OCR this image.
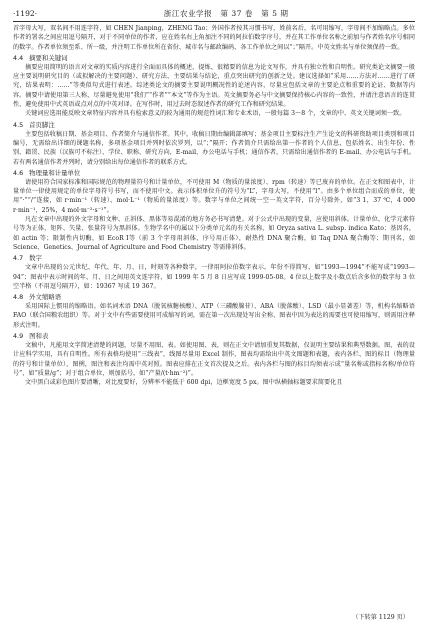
·1192·	浙江农业学报　第 37 卷　第 5 期

首字母大写，双名间不用连字符，如 CHEN Jianping，ZHENG Tao；外国作者按其习惯书写，姓前名后，名可用缩写，字母间不加缩略点。多位作者的署名之间应用逗号隔开，对于不同单位的作者，应在姓名右上角加注不同的阿拉伯数字序号，并在其工作单位名称之前加与作者姓名序号相同的数字。作者单位须至系、所一级，并注明工作单位所在省份、城市名与邮政编码，各工作单位之间以“；”隔开。中英文姓名与单位须保持一致。

4.4 摘要和关键词

摘要应用简明的语言对文章的实质内容进行全面而具体的概述，提炼、很精要的信息为论文写作，并具有独立性和自明性。研究类论文摘要一般应主要说明研究目的（或拟解决的主要问题）、研究方法、主要结果与结论，重点突出研究的创新之处。建议选择如“采用……方法对……进行了研究，结果表明：……”等类似句式进行表述。综述类论文的摘要主要说明概况性的论述内容，尽量应包括文章的主要论点和重要的论证、数据等内容。摘要中请使用第三人称，尽量避免使用“我们”“作者”“本文”等作为主语。英文摘要务必与中文摘要保持核心内容的一致性，并请注意语言的连贯性，避免使用中式英语或点对点的中英对译。在写作时，用过去时态叙述作者的研究工作和研究结果。

关键词应选用能反映文章特征内容并具有检索意义的较为通用的规范性词汇和专业术语，一般每篇 3～8 个，文章的中、英文关键词须一致。

4.5 首页脚注

主要包括收稿日期、基金项目、作者简介与通信作者。其中，收稿日期由编辑部填写；基金项目主要标注生产生论文的科研资助项目类别和项目编号，无需给出详细的课题名称，多项基金项目并列时依次罗列，以“；”隔开；作者简介只需给出第一作者的个人信息，包括姓名、出生年份、性别、籍贯、民族（汉族可不标注）、学位、职称、研究方向，E-mail，办公电话与手机；通信作者，只需给出通信作者的 E-mail、办公电话与手机。若有两名通信作者并列时，请分别给出每位通信作者的联系方式。

4.6 物理量和计量单位

请使用符合国家标准和国际规范的物理量符号和计量单位，不可使用 M（物质的量浓度）、rpm（转速）等已废弃的单位。在正文和图表中，计量单位一律使用规定的单位字母符号书写，而不使用中文。表示体积单位升的符号为“L”，字母大写，不使用“l”。由多个单位组合而成的单位，使用“·”“/”连接，如 r·min⁻¹（转速）、mol·L⁻¹（物质的量浓度）等。数字与单位之间统一空一英文字符，百分号除外，如“3 1，37 ℃，4 000 r·min⁻¹，25%，4 mol·m⁻²·s⁻¹”。

凡在文章中出现的外文字母和文种、正斜体、黑体等易混淆的地方务必书写清楚。对于公式中出现的变量，应使用斜体。计量单位、化学元素符号等为正体，矩阵、矢量、张量符号为黑斜体。生物学名中的属以下分类单元名的有关名称，如 Oryza sativa L. subsp. indica Kato；基因名，如 actin 等；限制性内切酶，如 EcoR I等（前 3 个字母用斜体，序号用正体），耐热性 DNA 聚合酶，如 Taq DNA 聚合酶等；期刊名，如 Science、Genetics、Journal of Agriculture and Food Chemistry 等需排斜体。

4.7 数字

文章中出现的公元世纪、年代、年、月、日，时刻等各种数字，一律用阿拉伯数字表示。年份不得简写，如“1993—1994”不能写成“1993—94”；图表中表示时间的年、月、日之间用英文连字符，如 1999 年 5 月 8 日应写成 1999-05-08。4 位以上数字及小数点后含多位的数字每 3 位空半格（不用逗号隔开），如：19367 写成 19 367。

4.8 外文缩略语

采用国际上惯用的缩略语。如名词术语 DNA（脱氧核糖核酸）、ATP（三磷酸腺苷）、ABA（脱落酸）、LSD（最小显著差）等，机构名缩略语 FAO（联合国粮农组织）等。对于文中有些需要使用可成缩写的词，需在第一次出现处写出全称，图表中因为表达的需要也可使用缩写，则需用注释形式注明。

4.9 图和表

文稿中，凡能用文字简述清楚的问题，尽量不用图、表。如使用图、表，则在正文中请加重复其数据，仅说明主要结果和典型数据。图、表的设计应科学实用，具有自明性。所有表格均使用“三线表”，线图尽量用 Excel 制作，图表均需给出中英文图题和表题，表内各栏、图的标目（物理量的符号和计量单位）、图例，图注和表注均需中英对照。图表应排在正文首次提及之后。表内各栏与图的标目均须表示成“量名称或指标名称/单位符号”，如“质量/g”；对于组合单位，则加括号，如“产量/(t·hm⁻²)”。

文中黑白或彩色图片要清晰，对比度要好，分辨率不能低于 600 dpi，边框宽度 5 px。图中纵横轴标题要求简要化且

（下转第 1129 页）
